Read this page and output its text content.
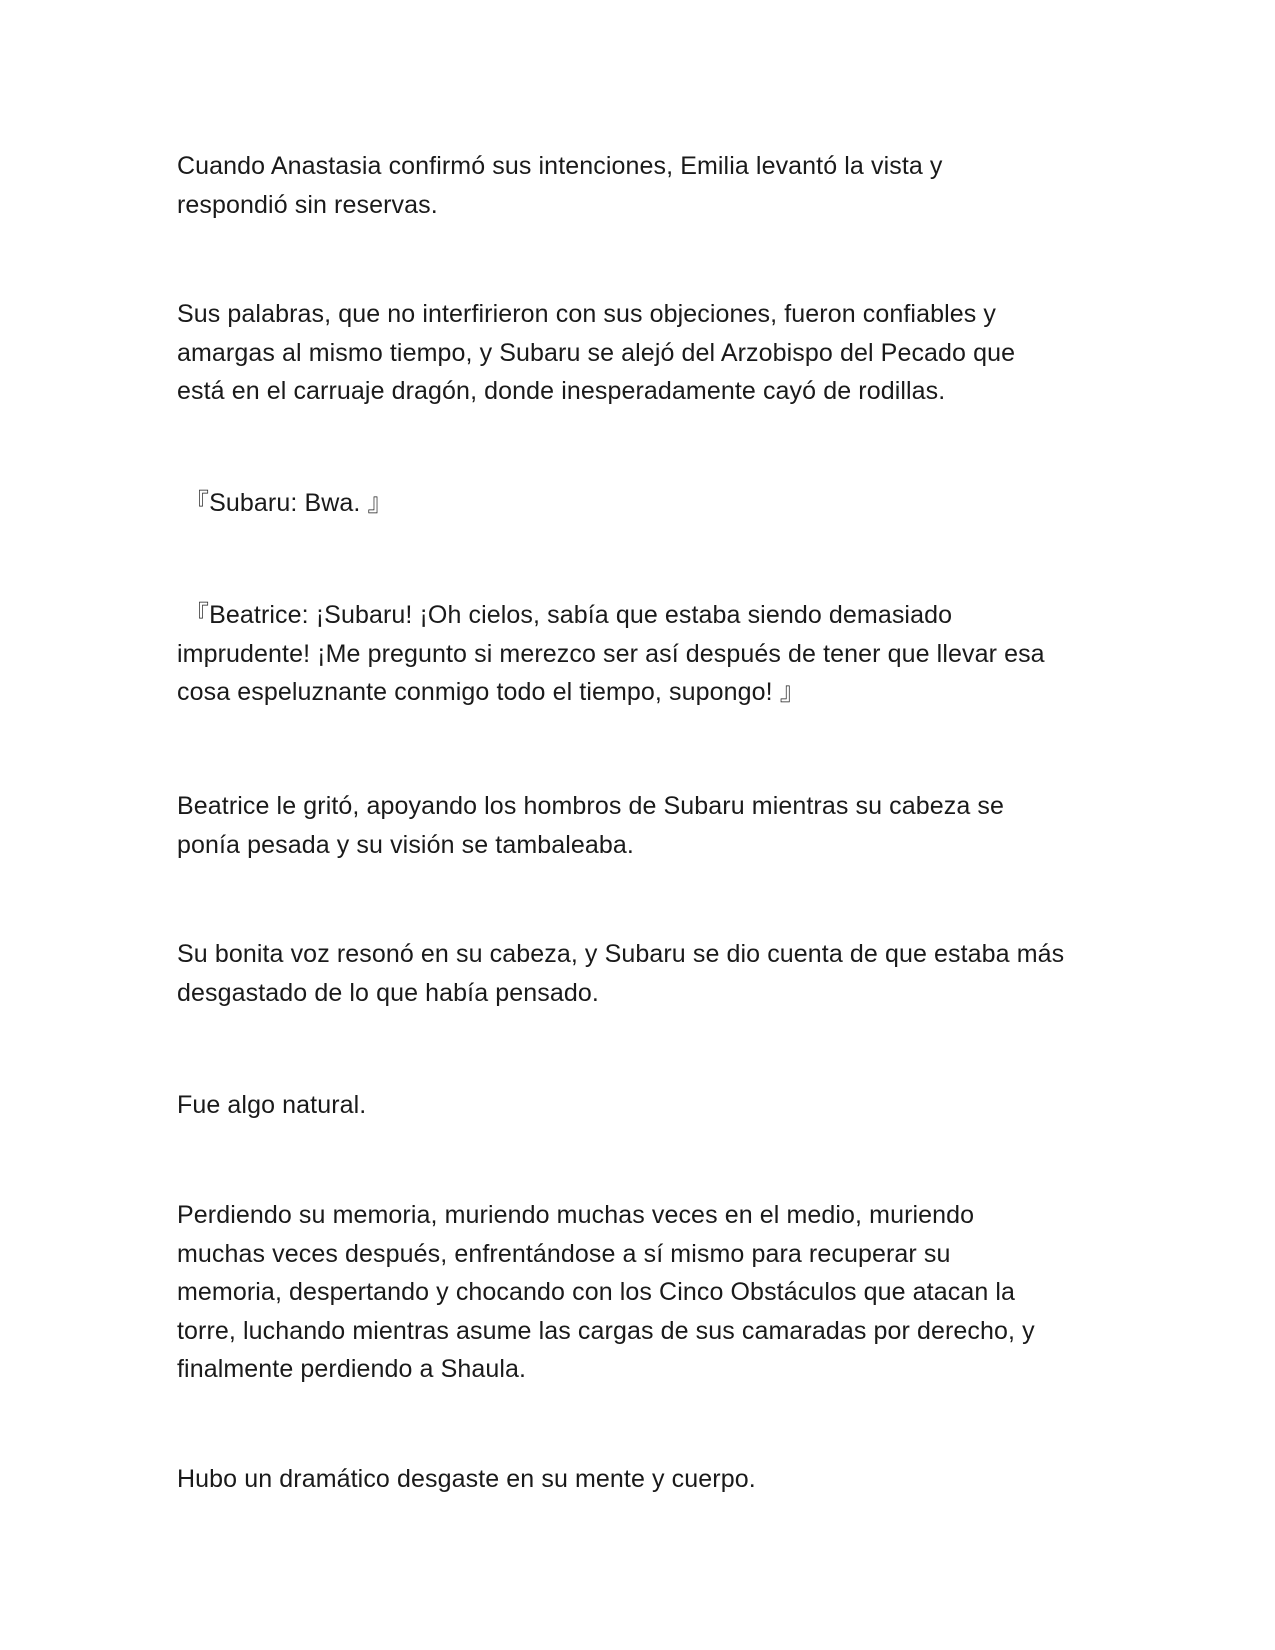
Cuando Anastasia confirmó sus intenciones, Emilia levantó la vista y
respondió sin reservas.

Sus palabras, que no interfirieron con sus objeciones, fueron confiables y
amargas al mismo tiempo, y Subaru se alejó del Arzobispo del Pecado que
está en el carruaje dragón, donde inesperadamente cayó de rodillas.

『Subaru: Bwa. 』

『Beatrice: ¡Subaru! ¡Oh cielos, sabía que estaba siendo demasiado
imprudente! ¡Me pregunto si merezco ser así después de tener que llevar esa
cosa espeluznante conmigo todo el tiempo, supongo! 』

Beatrice le gritó, apoyando los hombros de Subaru mientras su cabeza se
ponía pesada y su visión se tambaleaba.

Su bonita voz resonó en su cabeza, y Subaru se dio cuenta de que estaba más
desgastado de lo que había pensado.

Fue algo natural.

Perdiendo su memoria, muriendo muchas veces en el medio, muriendo
muchas veces después, enfrentándose a sí mismo para recuperar su
memoria, despertando y chocando con los Cinco Obstáculos que atacan la
torre, luchando mientras asume las cargas de sus camaradas por derecho, y
finalmente perdiendo a Shaula.

Hubo un dramático desgaste en su mente y cuerpo.
